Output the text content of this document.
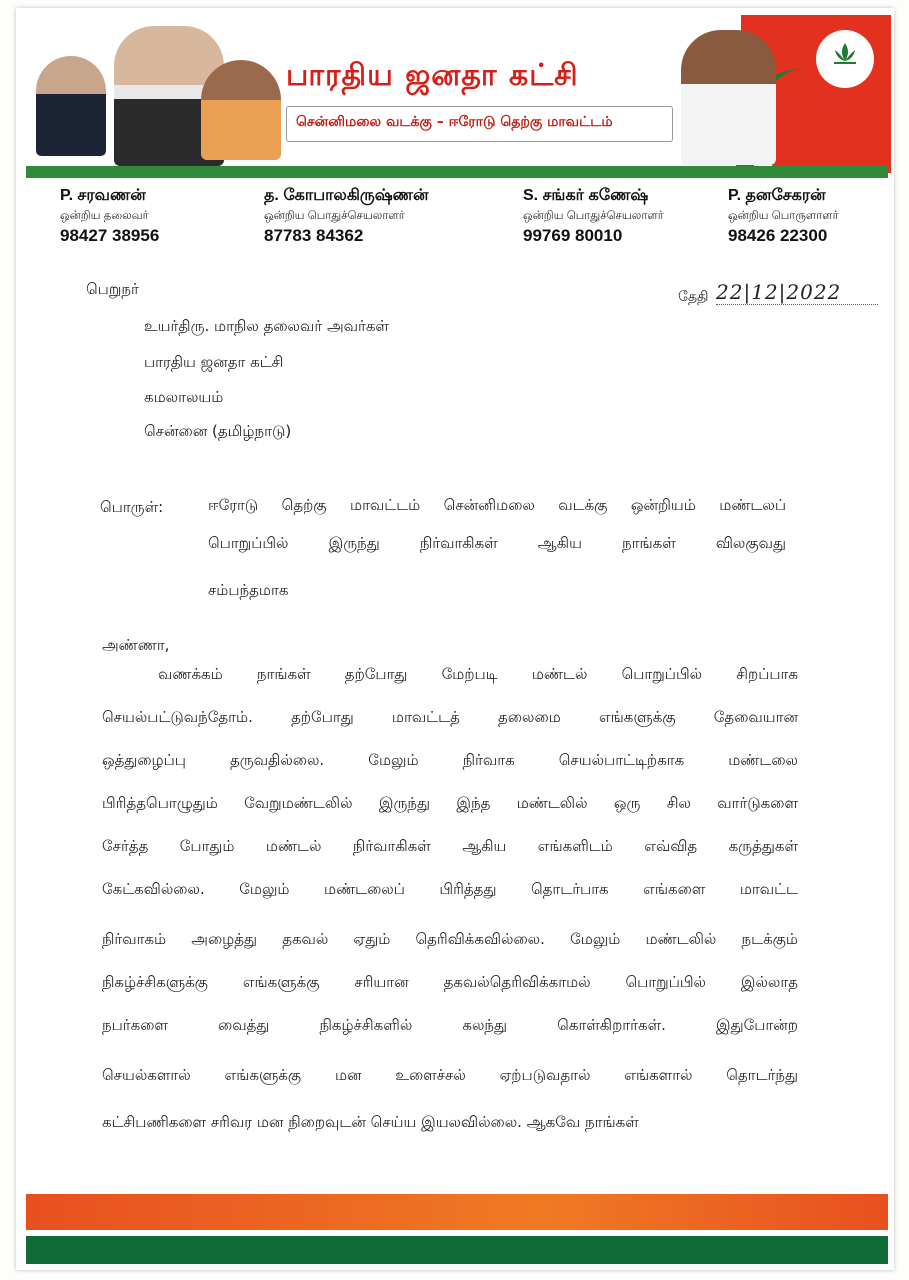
பாரதிய ஜனதா கட்சி
சென்னிமலை வடக்கு – ஈரோடு தெற்கு மாவட்டம்
P. சரவணன்
ஒன்றிய தலைவர்
98427 38956
த. கோபாலகிருஷ்ணன்
ஒன்றிய பொதுச்செயலாளர்
87783 84362
S. சங்கர் கணேஷ்
ஒன்றிய பொதுச்செயலாளர்
99769 80010
P. தனசேகரன்
ஒன்றிய பொருளாளர்
98426 22300
பெறுநர்	தேதி 22|12|2022
உயர்திரு. மாநில தலைவர் அவர்கள்
பாரதிய ஜனதா கட்சி
கமலாலயம்
சென்னை (தமிழ்நாடு)
பொருள்:	ஈரோடு தெற்கு மாவட்டம் சென்னிமலை வடக்கு ஒன்றியம் மண்டலப்
பொறுப்பில் இருந்து நிர்வாகிகள் ஆகிய நாங்கள் விலகுவது
சம்பந்தமாக
அண்ணா,
வணக்கம் நாங்கள் தற்போது மேற்படி மண்டல் பொறுப்பில் சிறப்பாக
செயல்பட்டுவந்தோம். தற்போது மாவட்டத் தலைமை எங்களுக்கு தேவையான
ஒத்துழைப்பு தருவதில்லை. மேலும் நிர்வாக செயல்பாட்டிற்காக மண்டலை
பிரித்தபொழுதும் வேறுமண்டலில் இருந்து இந்த மண்டலில் ஒரு சில வார்டுகளை
சேர்த்த போதும் மண்டல் நிர்வாகிகள் ஆகிய எங்களிடம் எவ்வித கருத்துகள்
கேட்கவில்லை. மேலும் மண்டலைப் பிரித்தது தொடர்பாக எங்களை மாவட்ட
நிர்வாகம் அழைத்து தகவல் ஏதும் தெரிவிக்கவில்லை. மேலும் மண்டலில் நடக்கும்
நிகழ்ச்சிகளுக்கு எங்களுக்கு சரியான தகவல்தெரிவிக்காமல் பொறுப்பில் இல்லாத
நபர்களை வைத்து நிகழ்ச்சிகளில் கலந்து கொள்கிறார்கள். இதுபோன்ற
செயல்களால் எங்களுக்கு மன உளைச்சல் ஏற்படுவதால் எங்களால் தொடர்ந்து
கட்சிபணிகளை சரிவர மன நிறைவுடன் செய்ய இயலவில்லை. ஆகவே நாங்கள்
